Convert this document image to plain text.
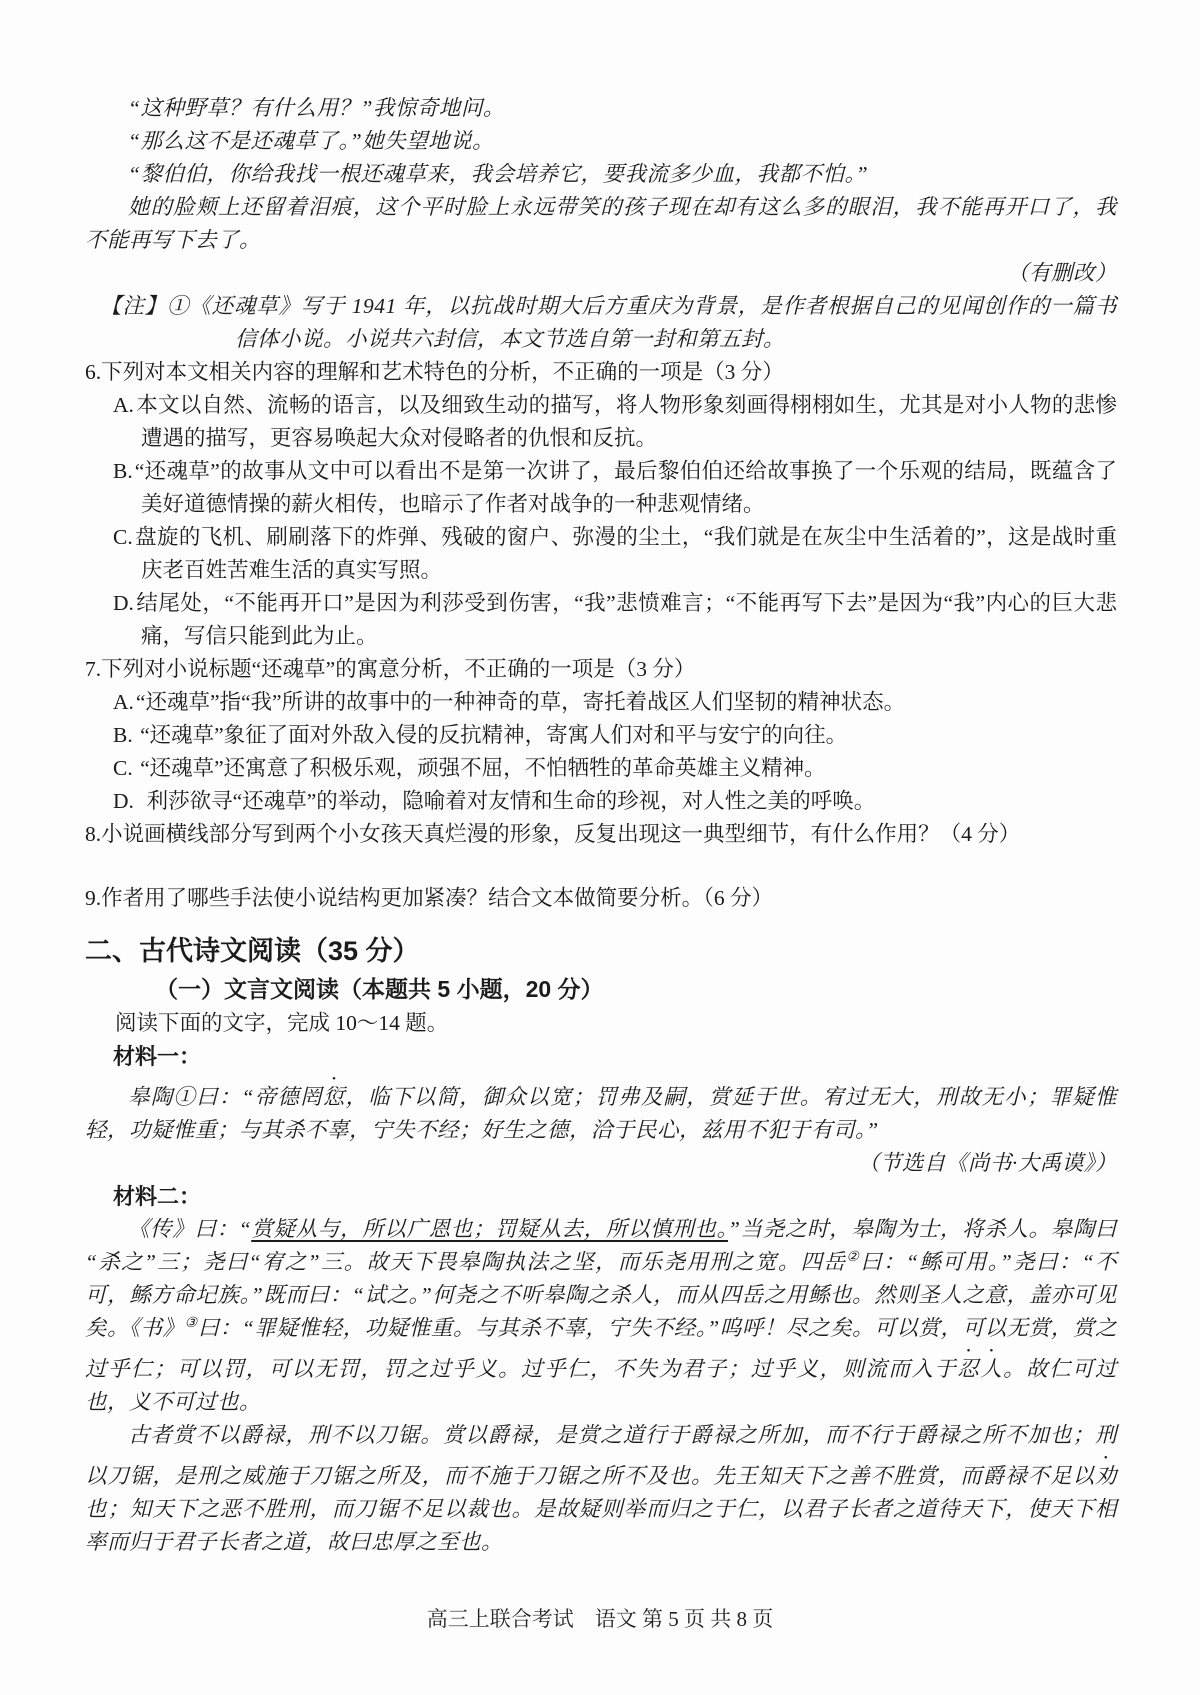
“这种野草？有什么用？”我惊奇地问。

“那么这不是还魂草了。”她失望地说。

“黎伯伯，你给我找一根还魂草来，我会培养它，要我流多少血，我都不怕。”

她的脸颊上还留着泪痕，这个平时脸上永远带笑的孩子现在却有这么多的眼泪，我不能再开口了，我不能再写下去了。

（有删改）

【注】①《还魂草》写于 1941 年，以抗战时期大后方重庆为背景，是作者根据自己的见闻创作的一篇书信体小说。小说共六封信，本文节选自第一封和第五封。

6.下列对本文相关内容的理解和艺术特色的分析，不正确的一项是（3 分）

A.本文以自然、流畅的语言，以及细致生动的描写，将人物形象刻画得栩栩如生，尤其是对小人物的悲惨遭遇的描写，更容易唤起大众对侵略者的仇恨和反抗。

B.“还魂草”的故事从文中可以看出不是第一次讲了，最后黎伯伯还给故事换了一个乐观的结局，既蕴含了美好道德情操的薪火相传，也暗示了作者对战争的一种悲观情绪。

C.盘旋的飞机、刷刷落下的炸弹、残破的窗户、弥漫的尘土，“我们就是在灰尘中生活着的”，这是战时重庆老百姓苦难生活的真实写照。

D.结尾处，“不能再开口”是因为利莎受到伤害，“我”悲愤难言；“不能再写下去”是因为“我”内心的巨大悲痛，写信只能到此为止。

7.下列对小说标题“还魂草”的寓意分析，不正确的一项是（3 分）

A.“还魂草”指“我”所讲的故事中的一种神奇的草，寄托着战区人们坚韧的精神状态。

B. “还魂草”象征了面对外敌入侵的反抗精神，寄寓人们对和平与安宁的向往。

C. “还魂草”还寓意了积极乐观，顽强不屈，不怕牺牲的革命英雄主义精神。

D.  利莎欲寻“还魂草”的举动，隐喻着对友情和生命的珍视，对人性之美的呼唤。

8.小说画横线部分写到两个小女孩天真烂漫的形象，反复出现这一典型细节，有什么作用？（4 分）

9.作者用了哪些手法使小说结构更加紧凑？结合文本做简要分析。（6 分）

二、古代诗文阅读（35 分）

（一）文言文阅读（本题共 5 小题，20 分）

阅读下面的文字，完成 10～14 题。

材料一：

皋陶①曰：“帝德罔愆，临下以简，御众以宽；罚弗及嗣，赏延于世。宥过无大，刑故无小；罪疑惟轻，功疑惟重；与其杀不辜，宁失不经；好生之德，洽于民心，兹用不犯于有司。”

（节选自《尚书·大禹谟》）

材料二：

《传》曰：“赏疑从与，所以广恩也；罚疑从去，所以慎刑也。”当尧之时，皋陶为士，将杀人。皋陶曰“杀之”三；尧曰“宥之”三。故天下畏皋陶执法之坚，而乐尧用刑之宽。四岳②曰：“鲧可用。”尧曰：“不可，鲧方命圮族。”既而曰：“试之。”何尧之不听皋陶之杀人，而从四岳之用鲧也。然则圣人之意，盖亦可见矣。《书》③曰：“罪疑惟轻，功疑惟重。与其杀不辜，宁失不经。”呜呼！尽之矣。可以赏，可以无赏，赏之过乎仁；可以罚，可以无罚，罚之过乎义。过乎仁，不失为君子；过乎义，则流而入于忍人。故仁可过也，义不可过也。

古者赏不以爵禄，刑不以刀锯。赏以爵禄，是赏之道行于爵禄之所加，而不行于爵禄之所不加也；刑以刀锯，是刑之威施于刀锯之所及，而不施于刀锯之所不及也。先王知天下之善不胜赏，而爵禄不足以劝也；知天下之恶不胜刑，而刀锯不足以裁也。是故疑则举而归之于仁，以君子长者之道待天下，使天下相率而归于君子长者之道，故曰忠厚之至也。

高三上联合考试　语文 第 5 页 共 8 页
